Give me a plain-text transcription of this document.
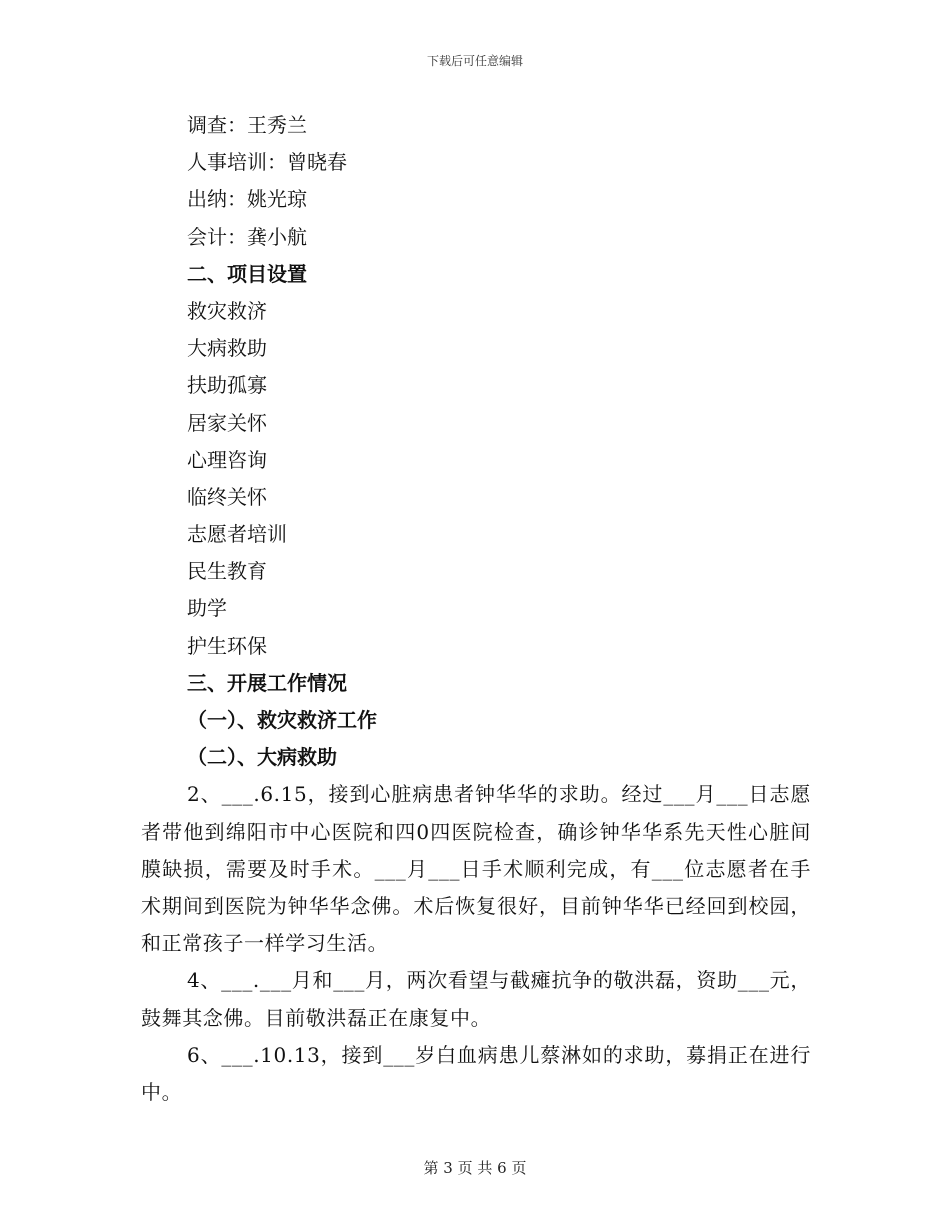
下载后可任意编辑
调查：王秀兰
人事培训：曾晓春
出纳：姚光琼
会计：龚小航
二、项目设置
救灾救济
大病救助
扶助孤寡
居家关怀
心理咨询
临终关怀
志愿者培训
民生教育
助学
护生环保
三、开展工作情况
（一）、救灾救济工作
（二）、大病救助
2、___.6.15，接到心脏病患者钟华华的求助。经过___月___日志愿者带他到绵阳市中心医院和四0四医院检查，确诊钟华华系先天性心脏间膜缺损，需要及时手术。___月___日手术顺利完成，有___位志愿者在手术期间到医院为钟华华念佛。术后恢复很好，目前钟华华已经回到校园，和正常孩子一样学习生活。
4、___.___月和___月，两次看望与截瘫抗争的敬洪磊，资助___元，鼓舞其念佛。目前敬洪磊正在康复中。
6、___.10.13，接到___岁白血病患儿蔡淋如的求助，募捐正在进行中。
第 3 页 共 6 页
